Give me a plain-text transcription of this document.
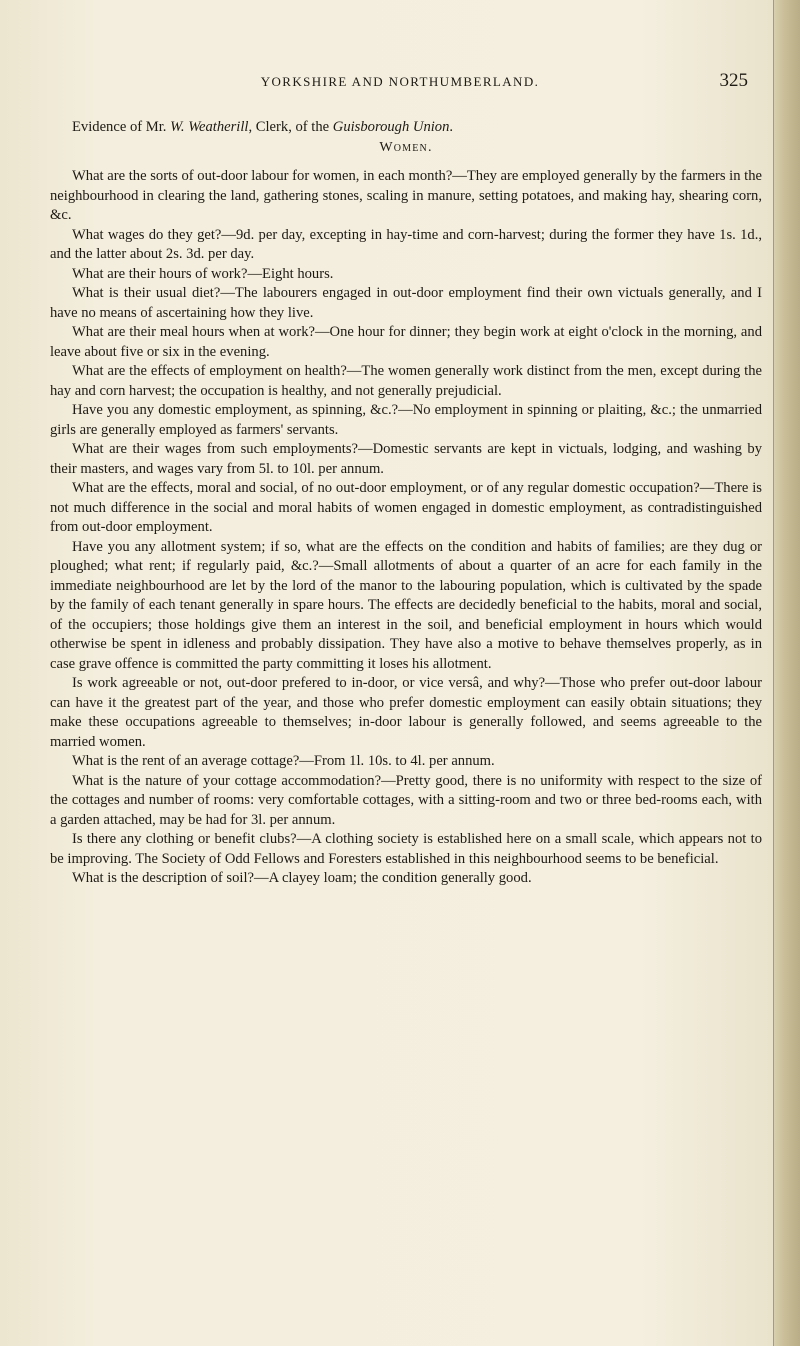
YORKSHIRE AND NORTHUMBERLAND.	325

Evidence of Mr. W. Weatherill, Clerk, of the Guisborough Union.

Women.

What are the sorts of out-door labour for women, in each month?—They are employed generally by the farmers in the neighbourhood in clearing the land, gathering stones, scaling in manure, setting potatoes, and making hay, shearing corn, &c.

What wages do they get?—9d. per day, excepting in hay-time and corn-harvest; during the former they have 1s. 1d., and the latter about 2s. 3d. per day.

What are their hours of work?—Eight hours.

What is their usual diet?—The labourers engaged in out-door employment find their own victuals generally, and I have no means of ascertaining how they live.

What are their meal hours when at work?—One hour for dinner; they begin work at eight o'clock in the morning, and leave about five or six in the evening.

What are the effects of employment on health?—The women generally work distinct from the men, except during the hay and corn harvest; the occupation is healthy, and not generally prejudicial.

Have you any domestic employment, as spinning, &c.?—No employment in spinning or plaiting, &c.; the unmarried girls are generally employed as farmers' servants.

What are their wages from such employments?—Domestic servants are kept in victuals, lodging, and washing by their masters, and wages vary from 5l. to 10l. per annum.

What are the effects, moral and social, of no out-door employment, or of any regular domestic occupation?—There is not much difference in the social and moral habits of women engaged in domestic employment, as contradistinguished from out-door employment.

Have you any allotment system; if so, what are the effects on the condition and habits of families; are they dug or ploughed; what rent; if regularly paid, &c.?—Small allotments of about a quarter of an acre for each family in the immediate neighbourhood are let by the lord of the manor to the labouring population, which is cultivated by the spade by the family of each tenant generally in spare hours. The effects are decidedly beneficial to the habits, moral and social, of the occupiers; those holdings give them an interest in the soil, and beneficial employment in hours which would otherwise be spent in idleness and probably dissipation. They have also a motive to behave themselves properly, as in case grave offence is committed the party committing it loses his allotment.

Is work agreeable or not, out-door prefered to in-door, or vice versâ, and why?—Those who prefer out-door labour can have it the greatest part of the year, and those who prefer domestic employment can easily obtain situations; they make these occupations agreeable to themselves; in-door labour is generally followed, and seems agreeable to the married women.

What is the rent of an average cottage?—From 1l. 10s. to 4l. per annum.

What is the nature of your cottage accommodation?—Pretty good, there is no uniformity with respect to the size of the cottages and number of rooms: very comfortable cottages, with a sitting-room and two or three bed-rooms each, with a garden attached, may be had for 3l. per annum.

Is there any clothing or benefit clubs?—A clothing society is established here on a small scale, which appears not to be improving. The Society of Odd Fellows and Foresters established in this neighbourhood seems to be beneficial.

What is the description of soil?—A clayey loam; the condition generally good.
